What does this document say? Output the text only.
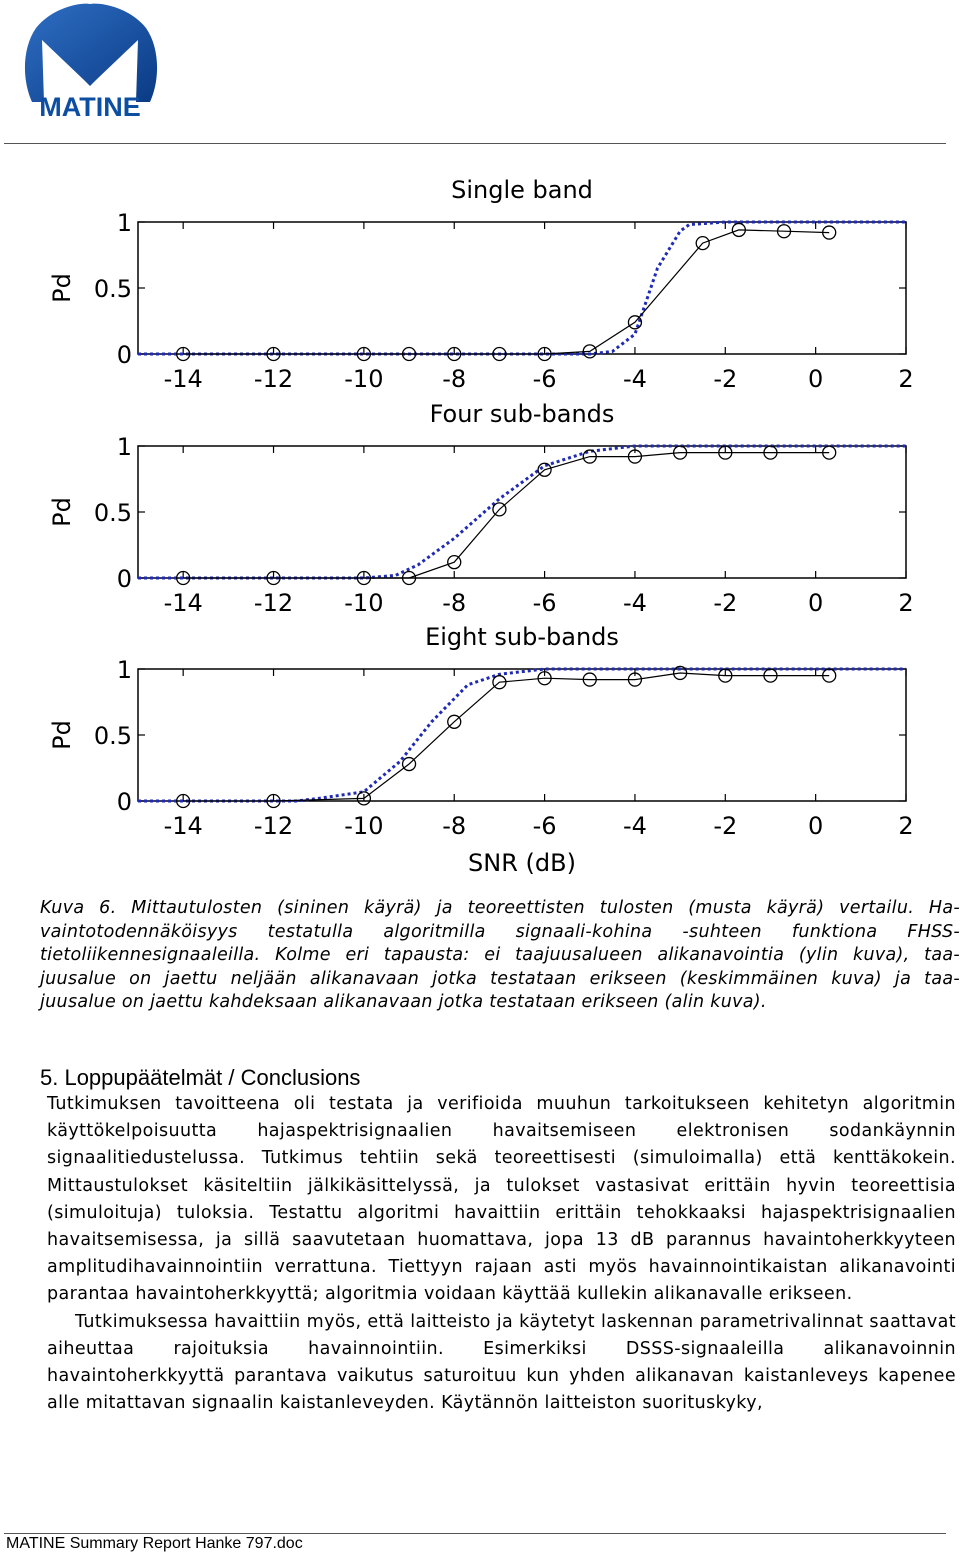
MATINE
Single band
0
0.5
1
-14 -12 -10 -8	-6	-4	-2	0	2
Pd
Four sub-bands
0
0.5
1
-14 -12 -10 -8	-6	-4	-2	0	2
Pd
Eight sub-bands
0
0.5
1
-14 -12 -10 -8	-6	-4	-2	0	2
Pd
SNR (dB)
Kuva 6. Mittautulosten (sininen käyrä) ja teoreettisten tulosten (musta käyrä) vertailu. Ha-
vaintotodennäköisyys testatulla algoritmilla signaali-kohina -suhteen funktiona FHSS-
tietoliikennesignaaleilla. Kolme eri tapausta: ei taajuusalueen alikanavointia (ylin kuva), taa-
juusalue on jaettu neljään alikanavaan jotka testataan erikseen (keskimmäinen kuva) ja taa-
juusalue on jaettu kahdeksaan alikanavaan jotka testataan erikseen (alin kuva).
5. Loppupäätelmät / Conclusions

Tutkimuksen tavoitteena oli testata ja verifioida muuhun tarkoitukseen kehitetyn algoritmin käyttökelpoisuutta hajaspektrisignaalien havaitsemiseen elektronisen sodankäynnin signaalitiedustelussa. Tutkimus tehtiin sekä teoreettisesti (simuloimalla) että kenttäkokein. Mittaustulokset käsiteltiin jälkikäsittelyssä, ja tulokset vastasivat erittäin hyvin teoreettisia (simuloituja) tuloksia. Testattu algoritmi havaittiin erittäin tehokkaaksi hajaspektrisignaalien havaitsemisessa, ja sillä saavutetaan huomattava, jopa 13 dB parannus havaintoherkkyyteen amplitudihavainnointiin verrattuna. Tiettyyn rajaan asti myös havainnointikaistan alikanavointi parantaa havaintoherkkyyttä; algoritmia voidaan käyttää kullekin alikanavalle erikseen.

Tutkimuksessa havaittiin myös, että laitteisto ja käytetyt laskennan parametrivalinnat saattavat aiheuttaa rajoituksia havainnointiin. Esimerkiksi DSSS-signaaleilla alikanavoinnin havaintoherkkyyttä parantava vaikutus saturoituu kun yhden alikanavan kaistanleveys kapenee alle mitattavan signaalin kaistanleveyden. Käytännön laitteiston suorituskyky,

MATINE Summary Report Hanke 797.doc
